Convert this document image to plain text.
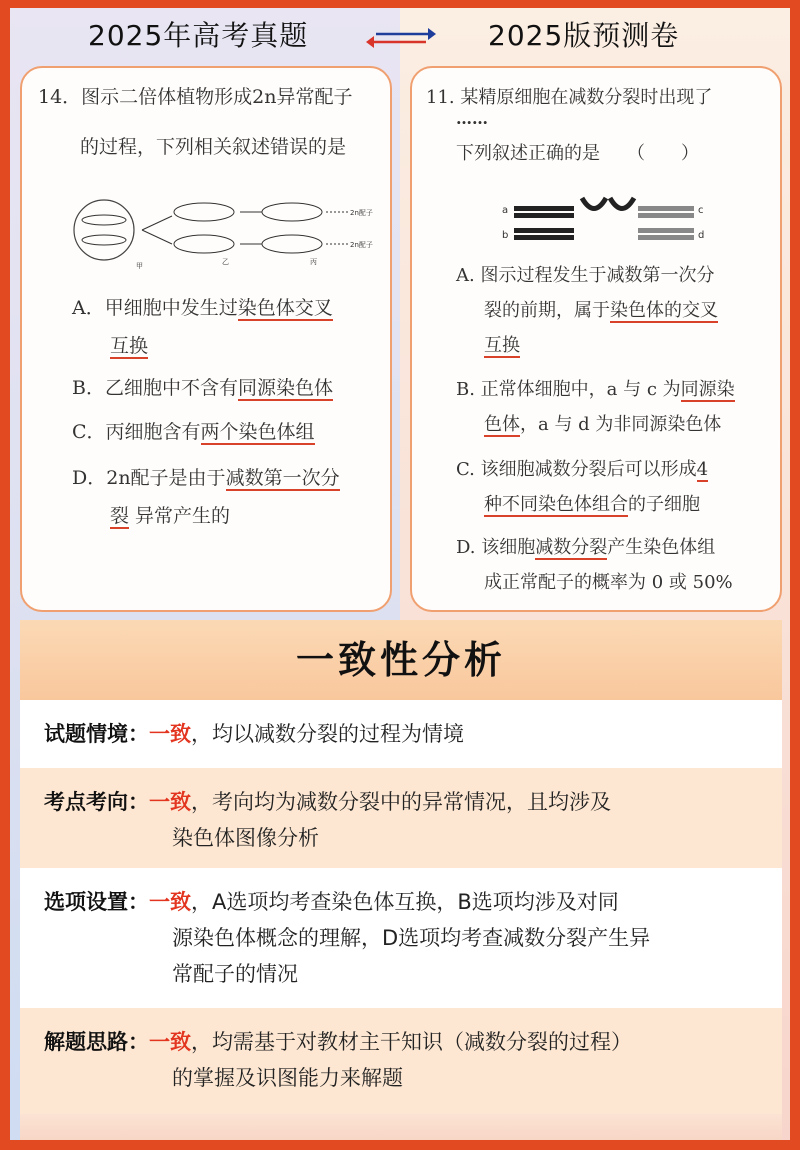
2025年高考真题	2025版预测卷
14．图示二倍体植物形成2n异常配子
的过程，下列相关叙述错误的是
甲	乙	丙
2n配子
2n配子
A．甲细胞中发生过染色体交叉
互换
B．乙细胞中不含有同源染色体
C．丙细胞含有两个染色体组
D．2n配子是由于减数第一次分
裂 异常产生的
11. 某精原细胞在减数分裂时出现了
……
下列叙述正确的是　　（　　）
a
b
c
d
A. 图示过程发生于减数第一次分
裂的前期，属于染色体的交叉
互换
B. 正常体细胞中，a 与 c 为同源染
色体，a 与 d 为非同源染色体
C. 该细胞减数分裂后可以形成4
种不同染色体组合的子细胞
D. 该细胞减数分裂产生染色体组
成正常配子的概率为 0 或 50%
一致性分析
试题情境：一致，均以减数分裂的过程为情境
考点考向：一致，考向均为减数分裂中的异常情况，且均涉及
染色体图像分析
选项设置：一致，A选项均考查染色体互换，B选项均涉及对同
源染色体概念的理解，D选项均考查减数分裂产生异
常配子的情况
解题思路：一致，均需基于对教材主干知识（减数分裂的过程）
的掌握及识图能力来解题
